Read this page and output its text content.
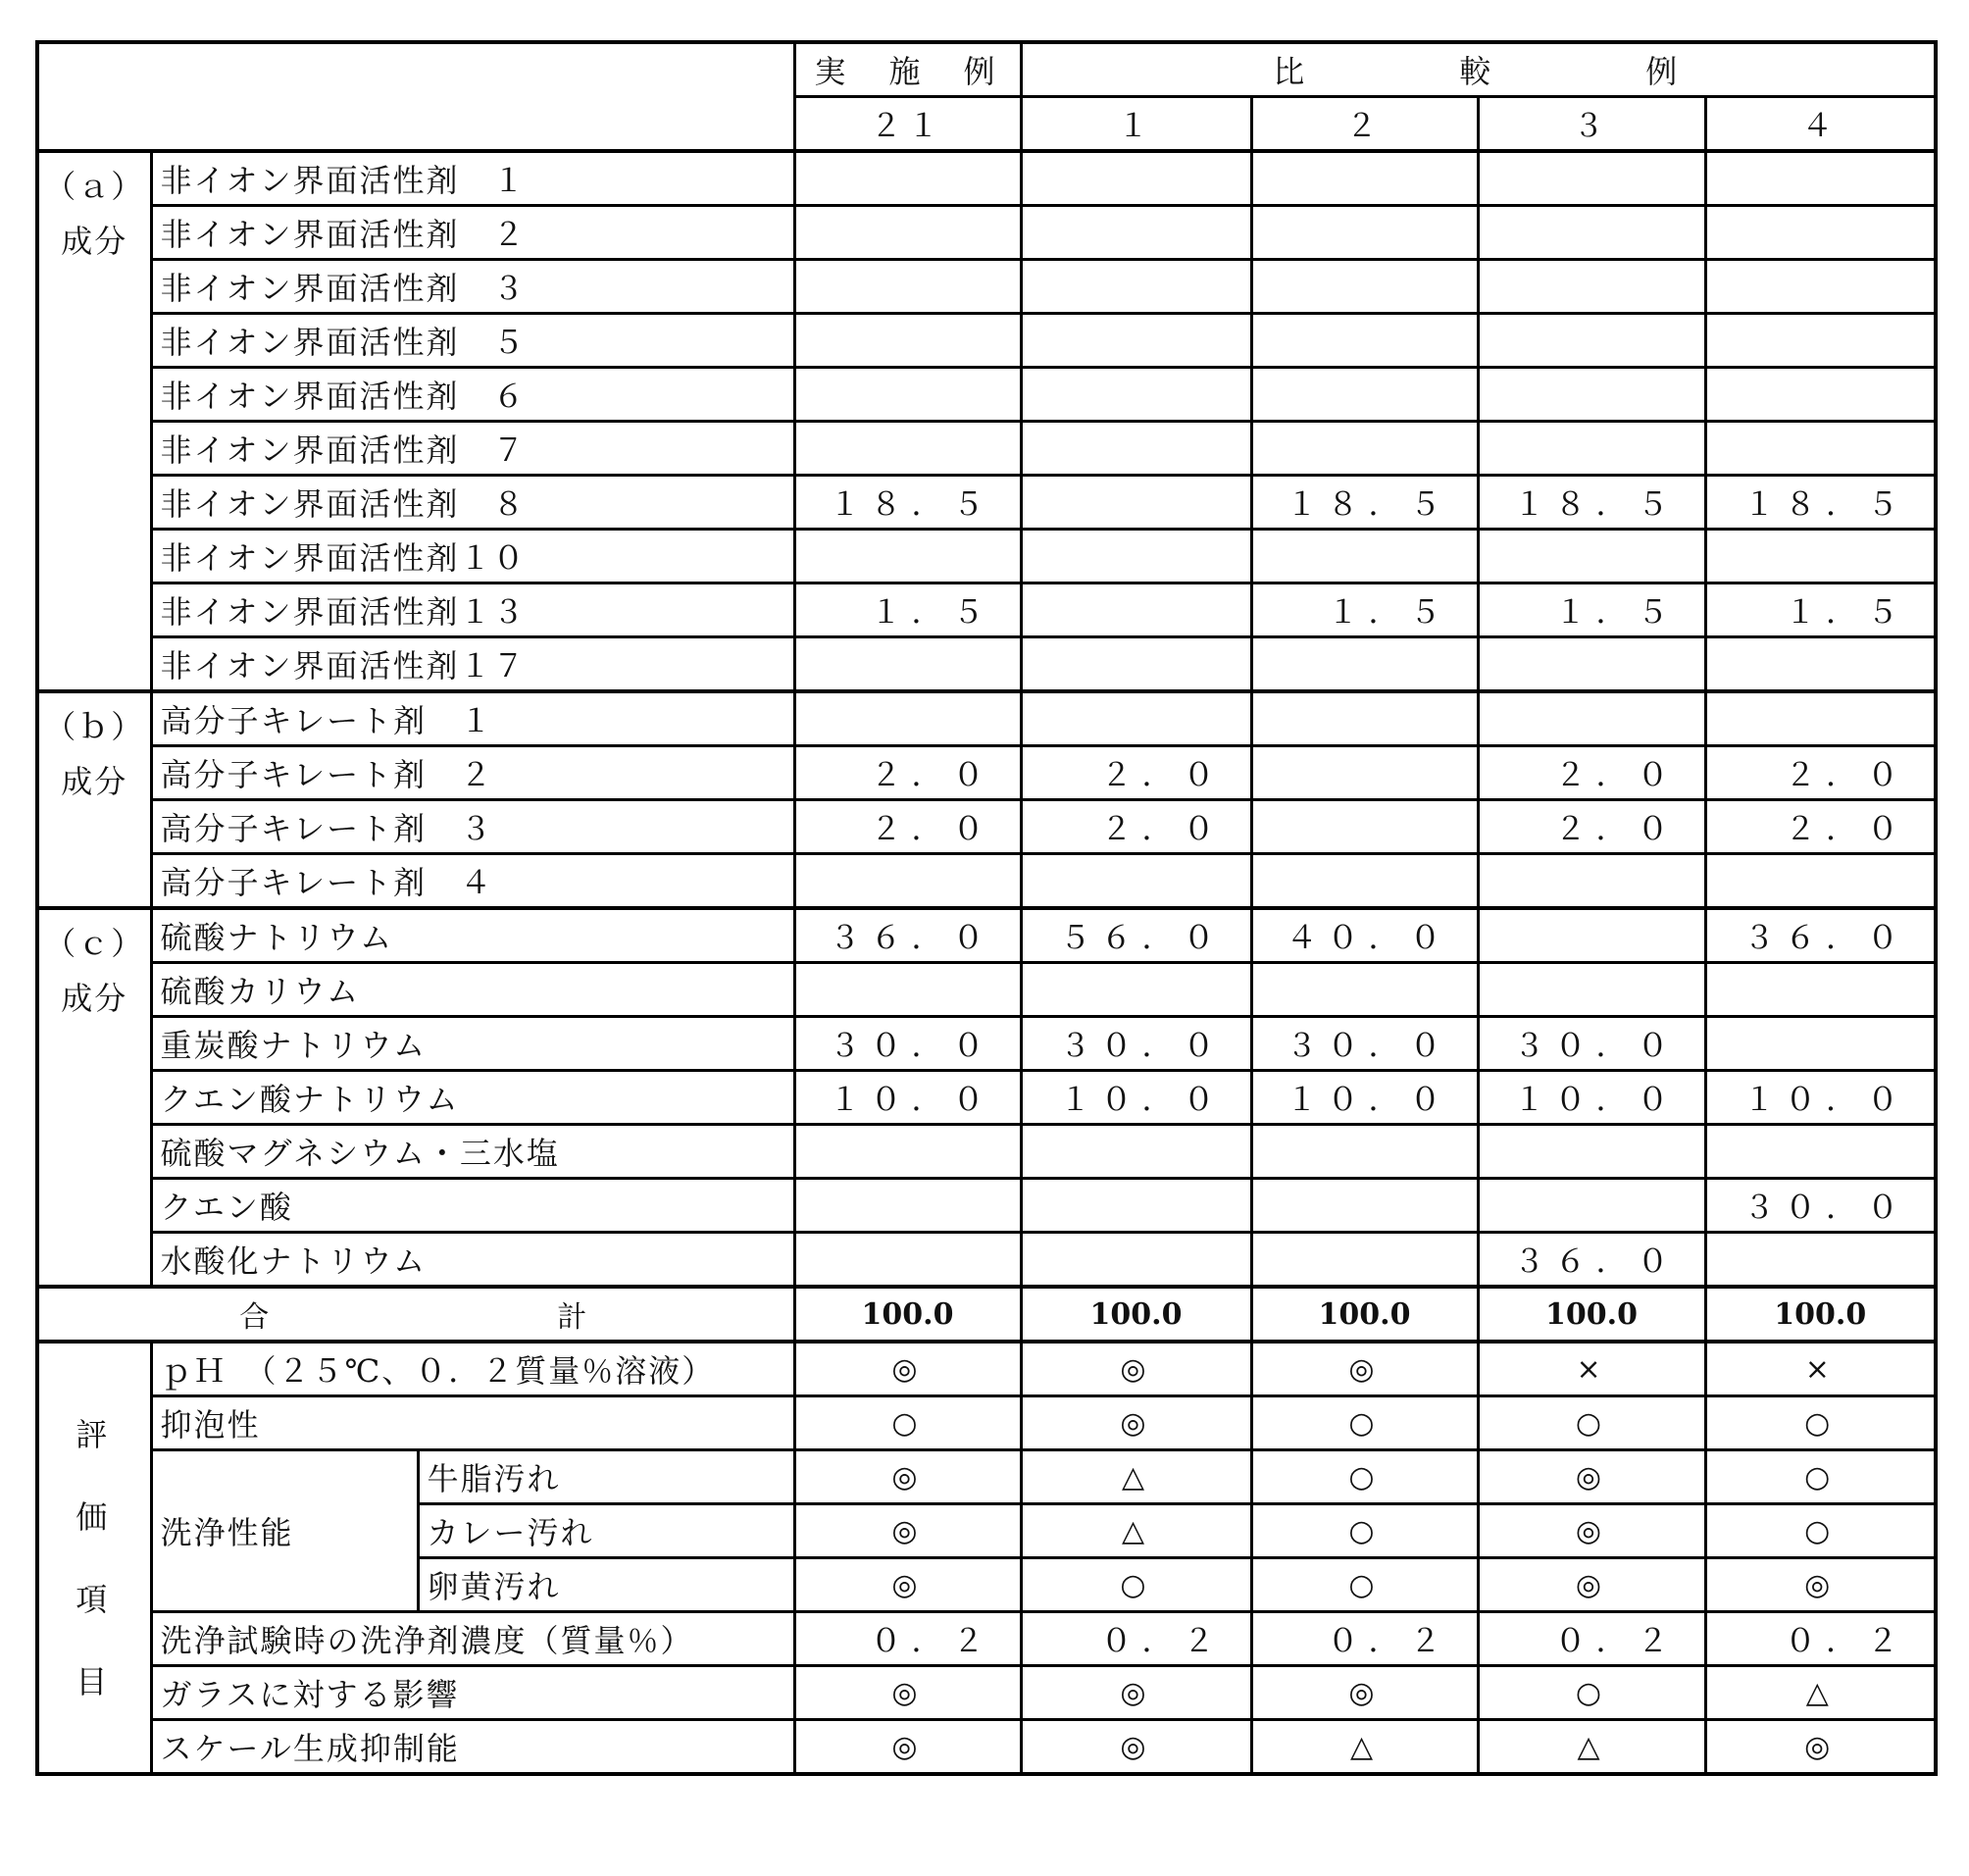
	実　施　例	比　　　　較　　　　例
２１	１	２	３	４
（ａ）
成分	非イオン界面活性剤　１					
非イオン界面活性剤　２					
非イオン界面活性剤　３					
非イオン界面活性剤　５					
非イオン界面活性剤　６					
非イオン界面活性剤　７					
非イオン界面活性剤　８	１８．５		１８．５	１８．５	１８．５
非イオン界面活性剤１０					
非イオン界面活性剤１３	１．５		１．５	１．５	１．５
非イオン界面活性剤１７					
（ｂ）
成分	高分子キレート剤　１					
高分子キレート剤　２	２．０	２．０		２．０	２．０
高分子キレート剤　３	２．０	２．０		２．０	２．０
高分子キレート剤　４					
（ｃ）
成分	硫酸ナトリウム	３６．０	５６．０	４０．０		３６．０
硫酸カリウム					
重炭酸ナトリウム	３０．０	３０．０	３０．０	３０．０	
クエン酸ナトリウム	１０．０	１０．０	１０．０	１０．０	１０．０
硫酸マグネシウム・三水塩					
クエン酸					３０．０
水酸化ナトリウム				３６．０	
合　　　　　　　　計	100.0	100.0	100.0	100.0	100.0
評
価
項
目	ｐＨ　（２５℃、０．２質量％溶液）	◎	◎	◎	×	×
抑泡性	○	◎	○	○	○
洗浄性能	牛脂汚れ	◎	△	○	◎	○
カレー汚れ	◎	△	○	◎	○
卵黄汚れ	◎	○	○	◎	◎
洗浄試験時の洗浄剤濃度（質量％）	０．２	０．２	０．２	０．２	０．２
ガラスに対する影響	◎	◎	◎	○	△
スケール生成抑制能	◎	◎	△	△	◎
